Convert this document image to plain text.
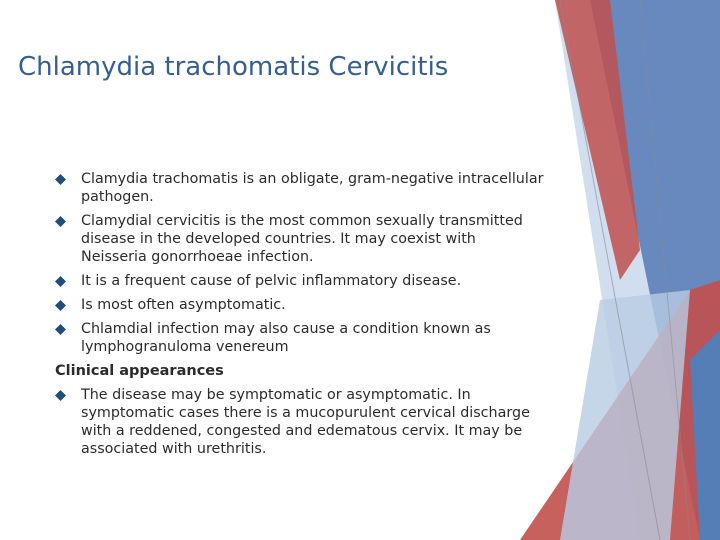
Chlamydia trachomatis Cervicitis
Clamydia trachomatis is an obligate, gram-negative intracellular pathogen.
Clamydial cervicitis is the most common sexually transmitted disease in the developed countries. It may coexist with Neisseria gonorrhoeae infection.
It is a frequent cause of pelvic inflammatory disease.
Is most often asymptomatic.
Chlamdial infection may also cause a condition known as lymphogranuloma venereum
Clinical appearances
The disease may be symptomatic or asymptomatic. In symptomatic cases there is a mucopurulent cervical discharge with a reddened, congested and edematous cervix. It may be associated with urethritis.
